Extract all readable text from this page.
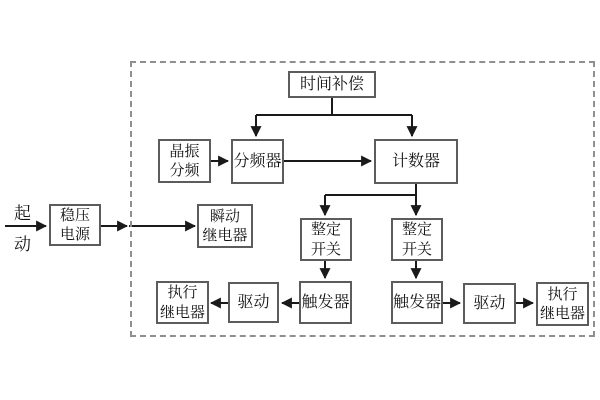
起
动
稳压
电源
时间补偿
晶振
分频 分频器	计数器
瞬动
继电器	整定
开关
整定
开关
触发器	触发器
驱动	驱动
执行
继电器
执行
继电器
